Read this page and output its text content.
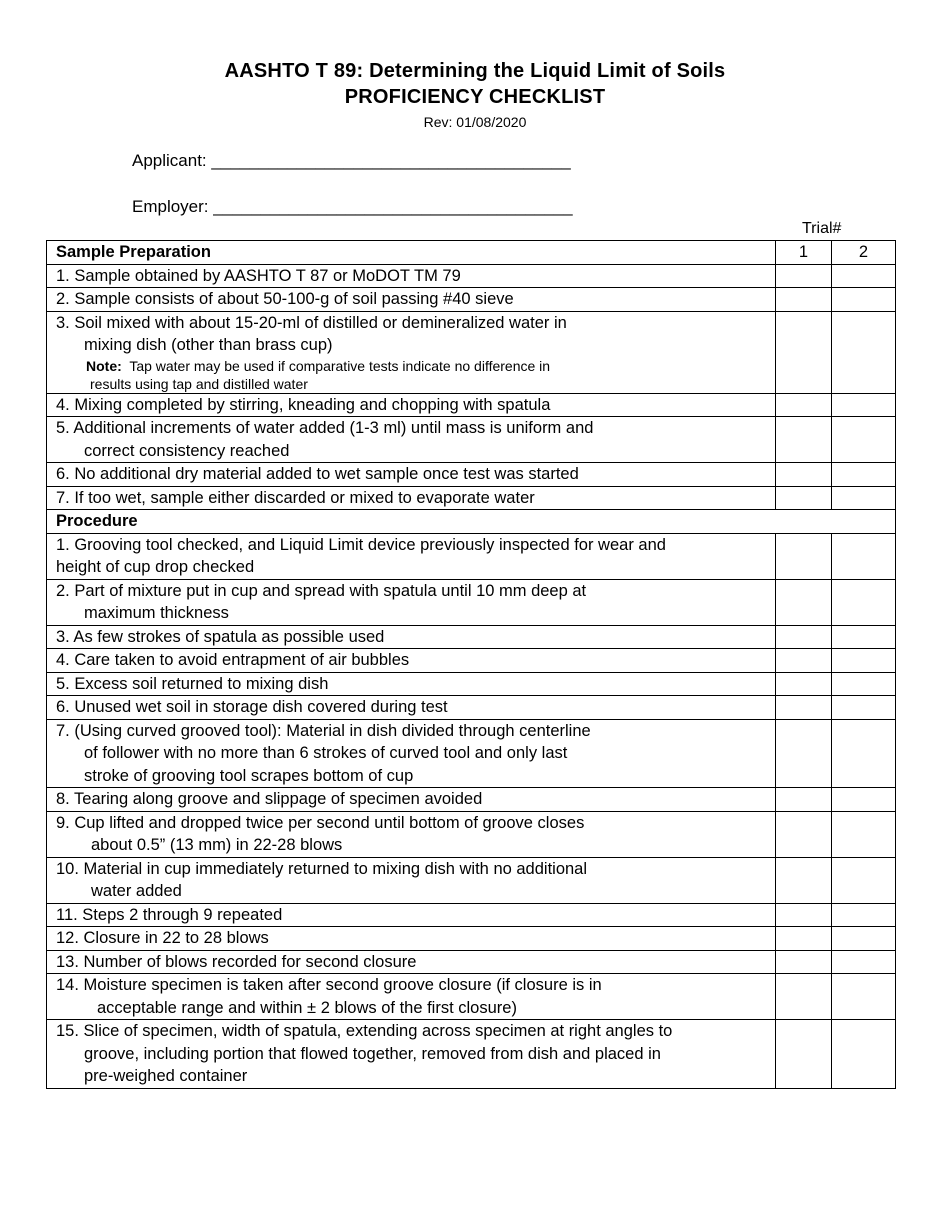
AASHTO T 89: Determining the Liquid Limit of Soils
PROFICIENCY CHECKLIST
Rev: 01/08/2020
Applicant: ______________________________________
Employer: ______________________________________
Trial#
Sample Preparation	1	2
1. Sample obtained by AASHTO T 87 or MoDOT TM 79		
2. Sample consists of about 50-100-g of soil passing #40 sieve		

3. Soil mixed with about 15-20-ml of distilled or demineralized water in
mixing dish (other than brass cup)
Note: Tap water may be used if comparative tests indicate no difference in
results using tap and distilled water		

4. Mixing completed by stirring, kneading and chopping with spatula		

5. Additional increments of water added (1-3 ml) until mass is uniform and
correct consistency reached		

6. No additional dry material added to wet sample once test was started		
7. If too wet, sample either discarded or mixed to evaporate water		
Procedure		

1. Grooving tool checked, and Liquid Limit device previously inspected for wear and
height of cup drop checked		

2. Part of mixture put in cup and spread with spatula until 10 mm deep at
maximum thickness		

3. As few strokes of spatula as possible used		
4. Care taken to avoid entrapment of air bubbles		
5. Excess soil returned to mixing dish		
6. Unused wet soil in storage dish covered during test		

7. (Using curved grooved tool): Material in dish divided through centerline
of follower with no more than 6 strokes of curved tool and only last
stroke of grooving tool scrapes bottom of cup		

8. Tearing along groove and slippage of specimen avoided		

9. Cup lifted and dropped twice per second until bottom of groove closes
about 0.5” (13 mm) in 22-28 blows		

10. Material in cup immediately returned to mixing dish with no additional
water added		

11. Steps 2 through 9 repeated		
12. Closure in 22 to 28 blows		
13. Number of blows recorded for second closure		

14. Moisture specimen is taken after second groove closure (if closure is in
acceptable range and within ± 2 blows of the first closure)		

15. Slice of specimen, width of spatula, extending across specimen at right angles to
groove, including portion that flowed together, removed from dish and placed in
pre-weighed container		
